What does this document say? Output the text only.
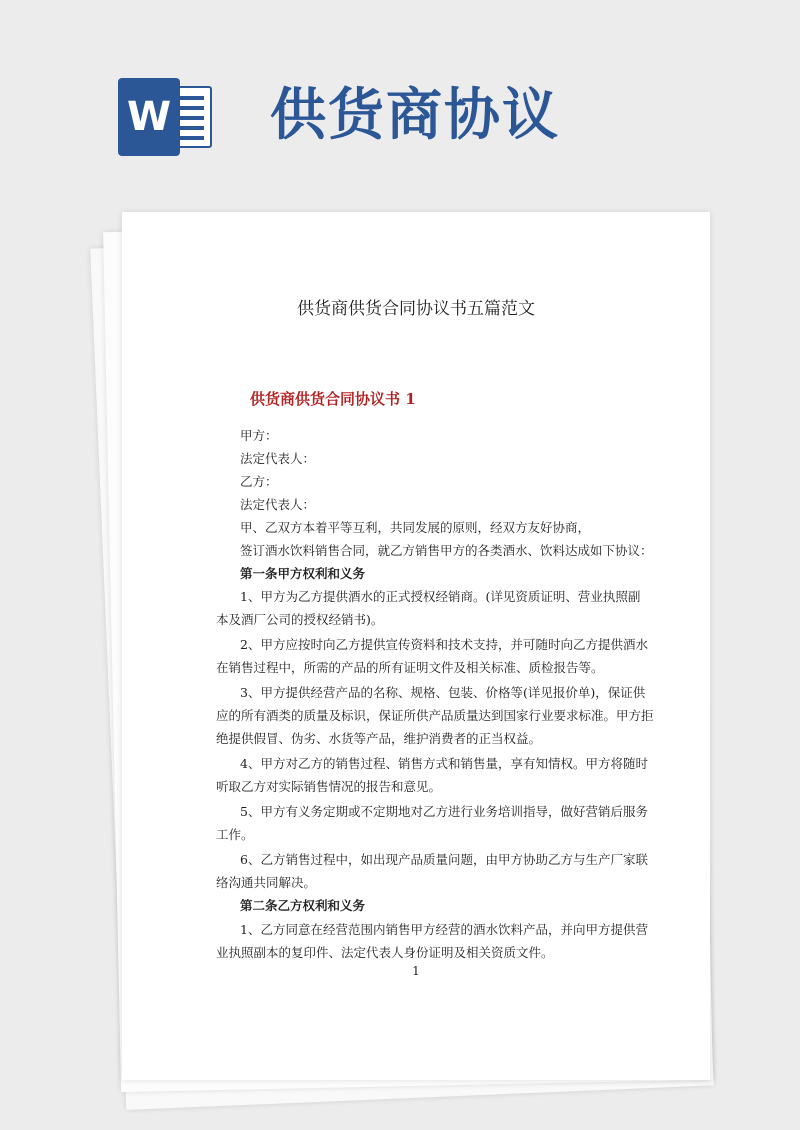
W 供货商协议
供货商供货合同协议书五篇范文
供货商供货合同协议书 1
甲方：
法定代表人：
乙方：
法定代表人：
甲、乙双方本着平等互利，共同发展的原则，经双方友好协商，
签订酒水饮料销售合同，就乙方销售甲方的各类酒水、饮料达成如下协议：
第一条甲方权利和义务
1、甲方为乙方提供酒水的正式授权经销商。(详见资质证明、营业执照副
本及酒厂公司的授权经销书)。
2、甲方应按时向乙方提供宣传资料和技术支持，并可随时向乙方提供酒水
在销售过程中，所需的产品的所有证明文件及相关标准、质检报告等。
3、甲方提供经营产品的名称、规格、包装、价格等(详见报价单)，保证供
应的所有酒类的质量及标识，保证所供产品质量达到国家行业要求标准。甲方拒
绝提供假冒、伪劣、水货等产品，维护消费者的正当权益。
4、甲方对乙方的销售过程、销售方式和销售量，享有知情权。甲方将随时
听取乙方对实际销售情况的报告和意见。
5、甲方有义务定期或不定期地对乙方进行业务培训指导，做好营销后服务
工作。
6、乙方销售过程中，如出现产品质量问题，由甲方协助乙方与生产厂家联
络沟通共同解决。
第二条乙方权利和义务
1、乙方同意在经营范围内销售甲方经营的酒水饮料产品，并向甲方提供营
业执照副本的复印件、法定代表人身份证明及相关资质文件。
1
